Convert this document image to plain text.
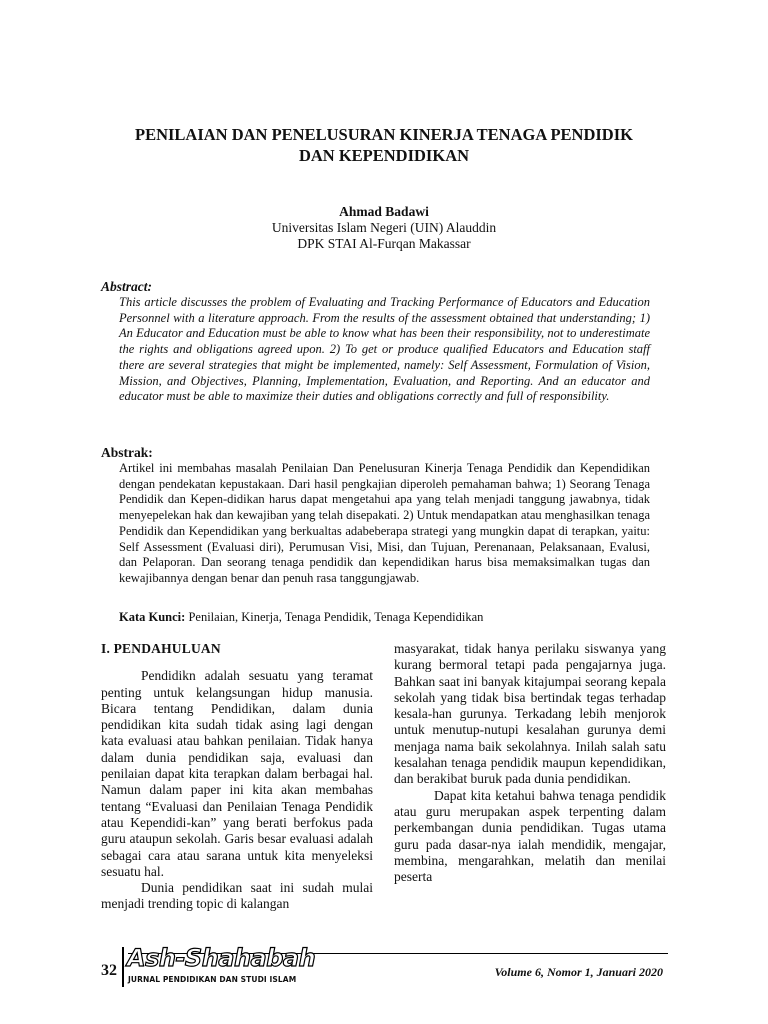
PENILAIAN DAN PENELUSURAN KINERJA TENAGA PENDIDIK
DAN KEPENDIDIKAN
Ahmad Badawi
Universitas Islam Negeri (UIN) Alauddin
DPK STAI Al-Furqan Makassar
Abstract:
This article discusses the problem of Evaluating and Tracking Performance of Educators and Education Personnel with a literature approach. From the results of the assessment obtained that understanding; 1) An Educator and Education must be able to know what has been their responsibility, not to underestimate the rights and obligations agreed upon. 2) To get or produce qualified Educators and Education staff there are several strategies that might be implemented, namely: Self Assessment, Formulation of Vision, Mission, and Objectives, Planning, Implementation, Evaluation, and Reporting. And an educator and educator must be able to maximize their duties and obligations correctly and full of responsibility.
Abstrak:
Artikel ini membahas masalah Penilaian Dan Penelusuran Kinerja Tenaga Pendidik dan Kependidikan dengan pendekatan kepustakaan. Dari hasil pengkajian diperoleh pemahaman bahwa; 1) Seorang Tenaga Pendidik dan Kepen-didikan harus dapat mengetahui apa yang telah menjadi tanggung jawabnya, tidak menyepelekan hak dan kewajiban yang telah disepakati. 2) Untuk mendapatkan atau menghasilkan tenaga Pendidik dan Kependidikan yang berkualtas adabeberapa strategi yang mungkin dapat di terapkan, yaitu: Self Assessment (Evaluasi diri), Perumusan Visi, Misi, dan Tujuan, Perenanaan, Pelaksanaan, Evalusi, dan Pelaporan. Dan seorang tenaga pendidik dan kependidikan harus bisa memaksimalkan tugas dan kewajibannya dengan benar dan penuh rasa tanggungjawab.
Kata Kunci: Penilaian, Kinerja, Tenaga Pendidik, Tenaga Kependidikan
I. PENDAHULUAN

Pendidikn adalah sesuatu yang teramat penting untuk kelangsungan hidup manusia. Bicara tentang Pendidikan, dalam dunia pendidikan kita sudah tidak asing lagi dengan kata evaluasi atau bahkan penilaian. Tidak hanya dalam dunia pendidikan saja, evaluasi dan penilaian dapat kita terapkan dalam berbagai hal. Namun dalam paper ini kita akan membahas tentang “Evaluasi dan Penilaian Tenaga Pendidik atau Kependidi-kan” yang berati berfokus pada guru ataupun sekolah. Garis besar evaluasi adalah sebagai cara atau sarana untuk kita menyeleksi sesuatu hal.

Dunia pendidikan saat ini sudah mulai menjadi trending topic di kalangan

masyarakat, tidak hanya perilaku siswanya yang kurang bermoral tetapi pada pengajarnya juga. Bahkan saat ini banyak kitajumpai seorang kepala sekolah yang tidak bisa bertindak tegas terhadap kesala-han gurunya. Terkadang lebih menjorok untuk menutup-nutupi kesalahan gurunya demi menjaga nama baik sekolahnya. Inilah salah satu kesalahan tenaga pendidik maupun kependidikan, dan berakibat buruk pada dunia pendidikan.

Dapat kita ketahui bahwa tenaga pendidik atau guru merupakan aspek terpenting dalam perkembangan dunia pendidikan. Tugas utama guru pada dasar-nya ialah mendidik, mengajar, membina, mengarahkan, melatih dan menilai peserta

32 Ash-Shahabah
JURNAL PENDIDIKAN DAN STUDI ISLAM
Volume 6, Nomor 1, Januari 2020
